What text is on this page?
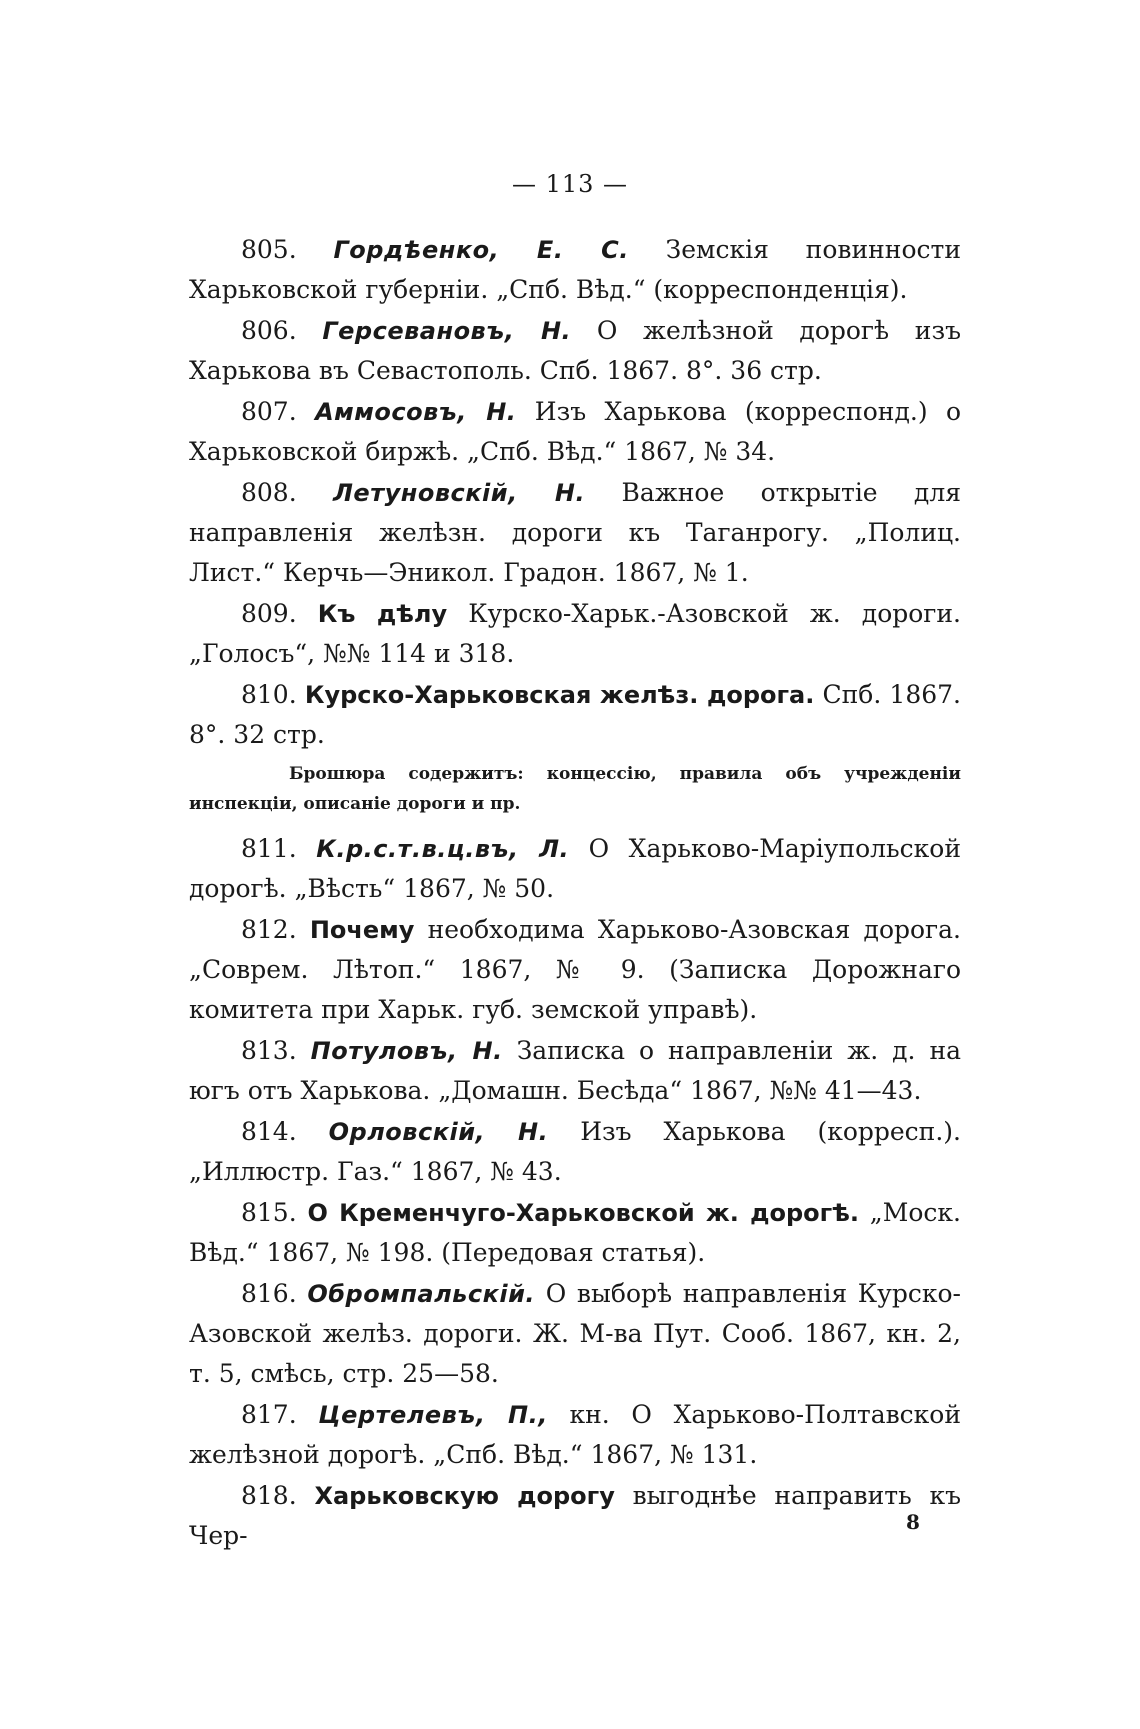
— 113 —

805. Гордѣенко, Е. С. Земскія повинности Харьковской губерніи. „Спб. Вѣд.“ (корреспонденція).

806. Герсевановъ, Н. О желѣзной дорогѣ изъ Харькова въ Севастополь. Спб. 1867. 8°. 36 стр.

807. Аммосовъ, Н. Изъ Харькова (корреспонд.) о Харьковской биржѣ. „Спб. Вѣд.“ 1867, № 34.

808. Летуновскій, Н. Важное открытіе для направленія желѣзн. дороги къ Таганрогу. „Полиц. Лист.“ Керчь—Эникол. Градон. 1867, № 1.

809. Къ дѣлу Курско-Харьк.-Азовской ж. дороги. „Голосъ“, №№ 114 и 318.

810. Курско-Харьковская желѣз. дорога. Спб. 1867. 8°. 32 стр.

Брошюра содержитъ: концессію, правила объ учрежденіи инспекціи, описаніе дороги и пр.

811. К.р.с.т.в.ц.въ, Л. О Харьково-Маріупольской дорогѣ. „Вѣсть“ 1867, № 50.

812. Почему необходима Харьково-Азовская дорога. „Соврем. Лѣтоп.“ 1867, № 9. (Записка Дорожнаго комитета при Харьк. губ. земской управѣ).

813. Потуловъ, Н. Записка о направленіи ж. д. на югъ отъ Харькова. „Домашн. Бесѣда“ 1867, №№ 41—43.

814. Орловскій, Н. Изъ Харькова (корресп.). „Иллюстр. Газ.“ 1867, № 43.

815. О Кременчуго-Харьковской ж. дорогѣ. „Моск. Вѣд.“ 1867, № 198. (Передовая статья).

816. Обромпальскій. О выборѣ направленія Курско-Азовской желѣз. дороги. Ж. М-ва Пут. Сооб. 1867, кн. 2, т. 5, смѣсь, стр. 25—58.

817. Цертелевъ, П., кн. О Харьково-Полтавской желѣзной дорогѣ. „Спб. Вѣд.“ 1867, № 131.

818. Харьковскую дорогу выгоднѣе направить къ Чер-	8
